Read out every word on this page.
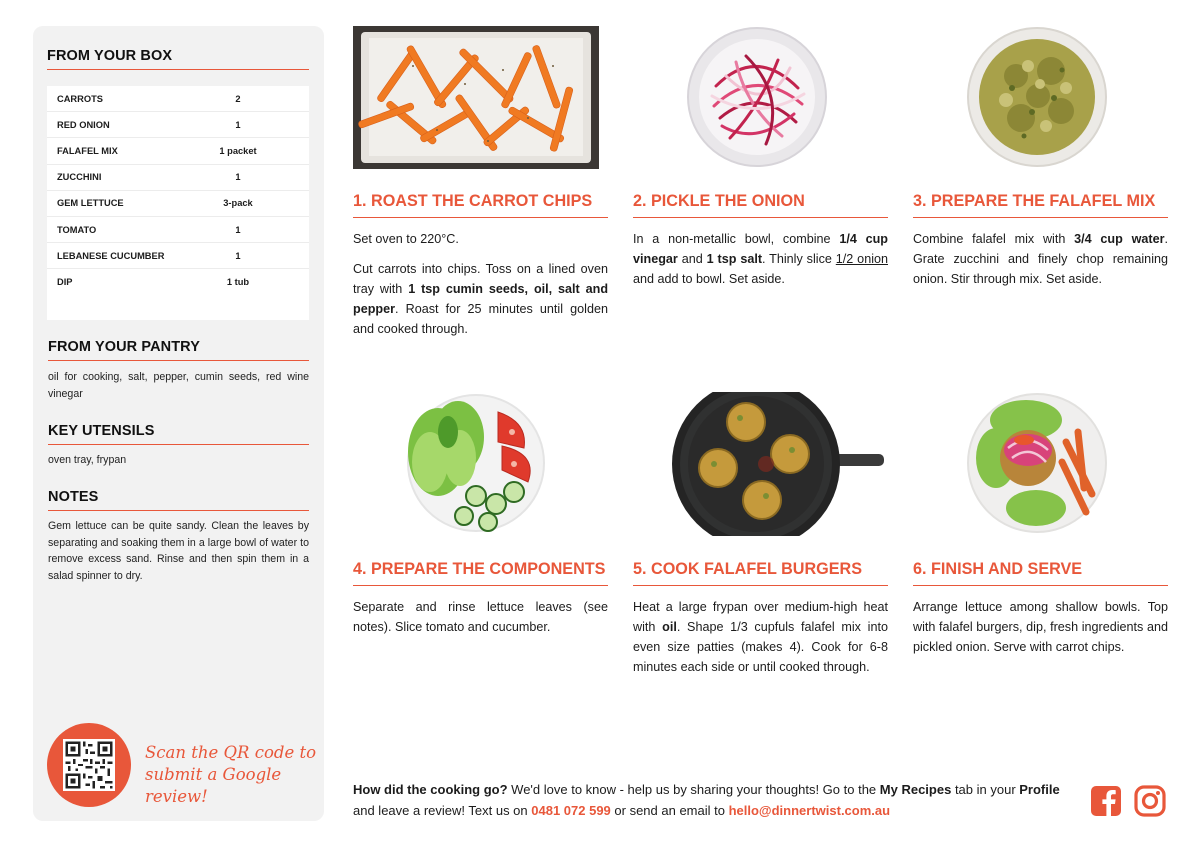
FROM YOUR BOX
CARROTS	2
RED ONION	1
FALAFEL MIX	1 packet
ZUCCHINI	1
GEM LETTUCE	3-pack
TOMATO	1
LEBANESE CUCUMBER	1
DIP	1 tub
FROM YOUR PANTRY
oil for cooking, salt, pepper, cumin seeds, red wine vinegar
KEY UTENSILS
oven tray, frypan
NOTES
Gem lettuce can be quite sandy. Clean the leaves by separating and soaking them in a large bowl of water to remove excess sand. Rinse and then spin them in a salad spinner to dry.
Scan the QR code to
submit a Google review!
1. ROAST THE CARROT CHIPS

Set oven to 220°C.

Cut carrots into chips. Toss on a lined oven tray with 1 tsp cumin seeds, oil, salt and pepper. Roast for 25 minutes until golden and cooked through.

2. PICKLE THE ONION

In a non-metallic bowl, combine 1/4 cup vinegar and 1 tsp salt. Thinly slice 1/2 onion and add to bowl. Set aside.

3. PREPARE THE FALAFEL MIX

Combine falafel mix with 3/4 cup water. Grate zucchini and finely chop remaining onion. Stir through mix. Set aside.

4. PREPARE THE COMPONENTS

Separate and rinse lettuce leaves (see notes). Slice tomato and cucumber.

5. COOK FALAFEL BURGERS

Heat a large frypan over medium-high heat with oil. Shape 1/3 cupfuls falafel mix into even size patties (makes 4). Cook for 6-8 minutes each side or until cooked through.

6. FINISH AND SERVE

Arrange lettuce among shallow bowls. Top with falafel burgers, dip, fresh ingredients and pickled onion. Serve with carrot chips.

How did the cooking go? We'd love to know - help us by sharing your thoughts! Go to the My Recipes tab in your Profile and leave a review! Text us on 0481 072 599 or send an email to hello@dinnertwist.com.au
